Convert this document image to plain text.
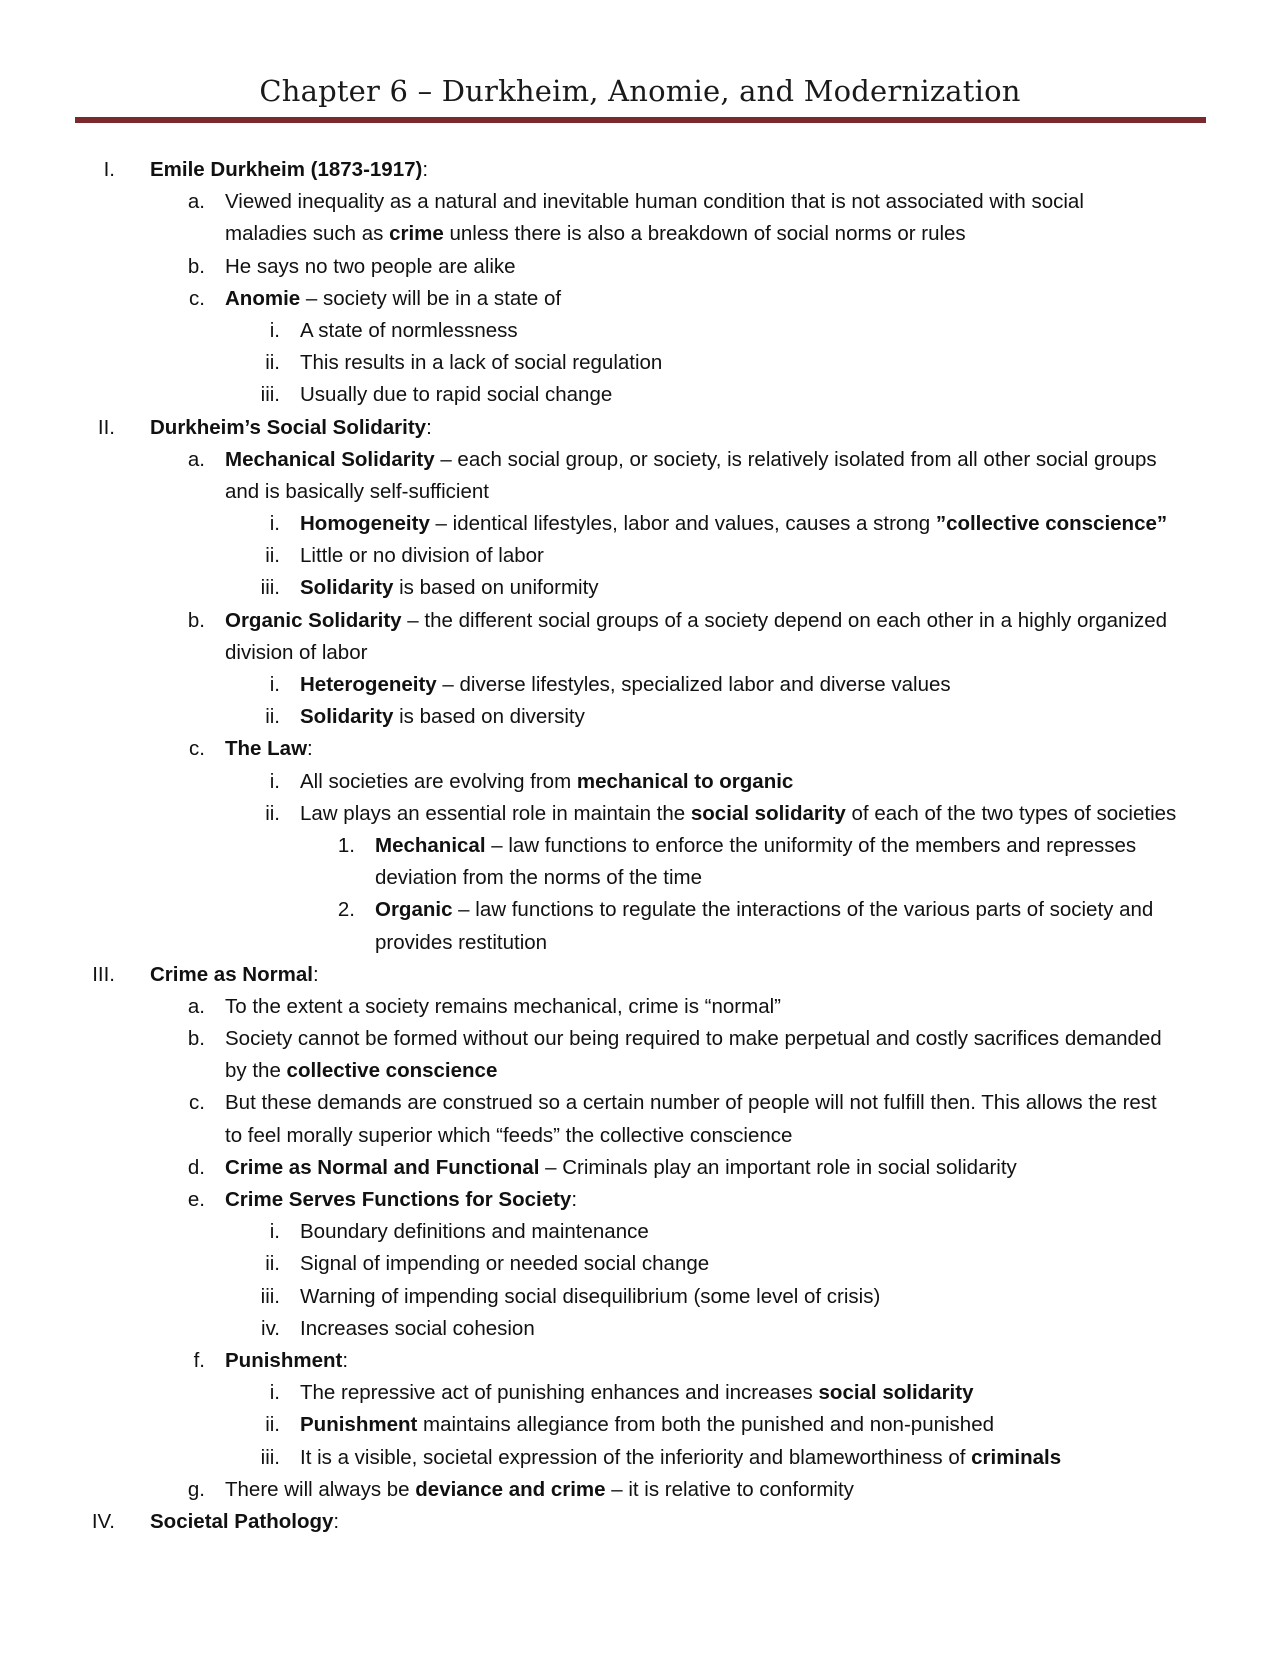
Chapter 6 – Durkheim, Anomie, and Modernization
I. Emile Durkheim (1873-1917):
a. Viewed inequality as a natural and inevitable human condition that is not associated with social
maladies such as crime unless there is also a breakdown of social norms or rules
b. He says no two people are alike
c. Anomie – society will be in a state of
i. A state of normlessness
ii. This results in a lack of social regulation
iii. Usually due to rapid social change
II. Durkheim’s Social Solidarity:
a. Mechanical Solidarity – each social group, or society, is relatively isolated from all other social groups
and is basically self-sufficient
i. Homogeneity – identical lifestyles, labor and values, causes a strong ”collective conscience”
ii. Little or no division of labor
iii. Solidarity is based on uniformity
b. Organic Solidarity – the different social groups of a society depend on each other in a highly organized
division of labor
i. Heterogeneity – diverse lifestyles, specialized labor and diverse values
ii. Solidarity is based on diversity
c. The Law:
i. All societies are evolving from mechanical to organic
ii. Law plays an essential role in maintain the social solidarity of each of the two types of societies
1. Mechanical – law functions to enforce the uniformity of the members and represses
deviation from the norms of the time
2. Organic – law functions to regulate the interactions of the various parts of society and
provides restitution
III. Crime as Normal:
a. To the extent a society remains mechanical, crime is “normal”
b. Society cannot be formed without our being required to make perpetual and costly sacrifices demanded
by the collective conscience
c. But these demands are construed so a certain number of people will not fulfill then. This allows the rest
to feel morally superior which “feeds” the collective conscience
d. Crime as Normal and Functional – Criminals play an important role in social solidarity
e. Crime Serves Functions for Society:
i. Boundary definitions and maintenance
ii. Signal of impending or needed social change
iii. Warning of impending social disequilibrium (some level of crisis)
iv. Increases social cohesion
f. Punishment:
i. The repressive act of punishing enhances and increases social solidarity
ii. Punishment maintains allegiance from both the punished and non-punished
iii. It is a visible, societal expression of the inferiority and blameworthiness of criminals
g. There will always be deviance and crime – it is relative to conformity
IV. Societal Pathology:
